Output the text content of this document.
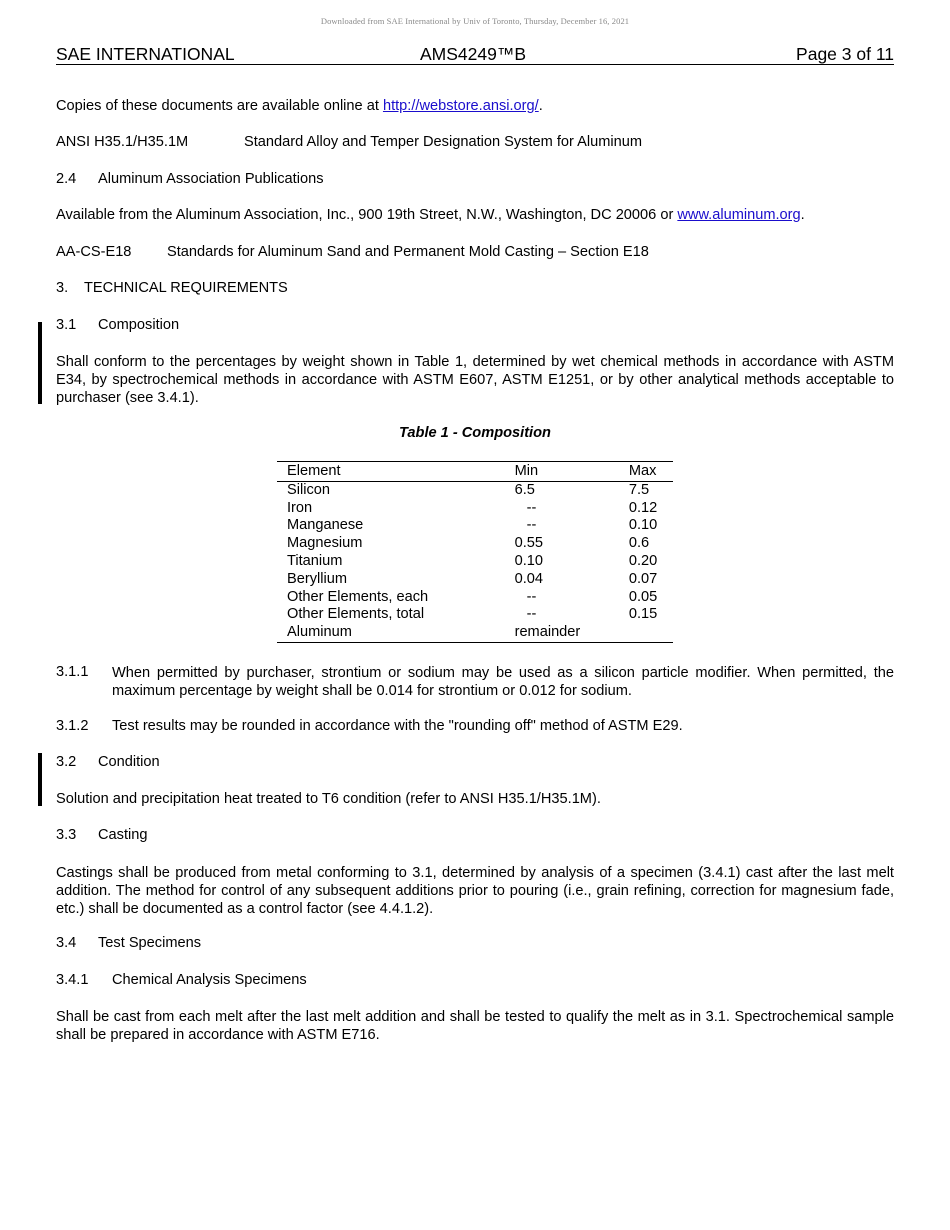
Downloaded from SAE International by Univ of Toronto, Thursday, December 16, 2021
SAE INTERNATIONAL	AMS4249™B	Page 3 of 11
Copies of these documents are available online at http://webstore.ansi.org/.
ANSI H35.1/H35.1M	Standard Alloy and Temper Designation System for Aluminum
2.4 Aluminum Association Publications
Available from the Aluminum Association, Inc., 900 19th Street, N.W., Washington, DC 20006 or www.aluminum.org.
AA-CS-E18 Standards for Aluminum Sand and Permanent Mold Casting – Section E18
3. TECHNICAL REQUIREMENTS
3.1 Composition
Shall conform to the percentages by weight shown in Table 1, determined by wet chemical methods in accordance with ASTM E34, by spectrochemical methods in accordance with ASTM E607, ASTM E1251, or by other analytical methods acceptable to purchaser (see 3.4.1).
Table 1 - Composition
Element	Min	Max
Silicon	6.5	7.5
Iron	--	0.12
Manganese	--	0.10
Magnesium	0.55	0.6
Titanium	0.10	0.20
Beryllium	0.04	0.07
Other Elements, each	--	0.05
Other Elements, total	--	0.15
Aluminum	remainder	
3.1.1 When permitted by purchaser, strontium or sodium may be used as a silicon particle modifier. When permitted, the maximum percentage by weight shall be 0.014 for strontium or 0.012 for sodium.
3.1.2 Test results may be rounded in accordance with the "rounding off" method of ASTM E29.
3.2 Condition
Solution and precipitation heat treated to T6 condition (refer to ANSI H35.1/H35.1M).
3.3 Casting
Castings shall be produced from metal conforming to 3.1, determined by analysis of a specimen (3.4.1) cast after the last melt addition. The method for control of any subsequent additions prior to pouring (i.e., grain refining, correction for magnesium fade, etc.) shall be documented as a control factor (see 4.4.1.2).
3.4 Test Specimens
3.4.1 Chemical Analysis Specimens
Shall be cast from each melt after the last melt addition and shall be tested to qualify the melt as in 3.1. Spectrochemical sample shall be prepared in accordance with ASTM E716.
